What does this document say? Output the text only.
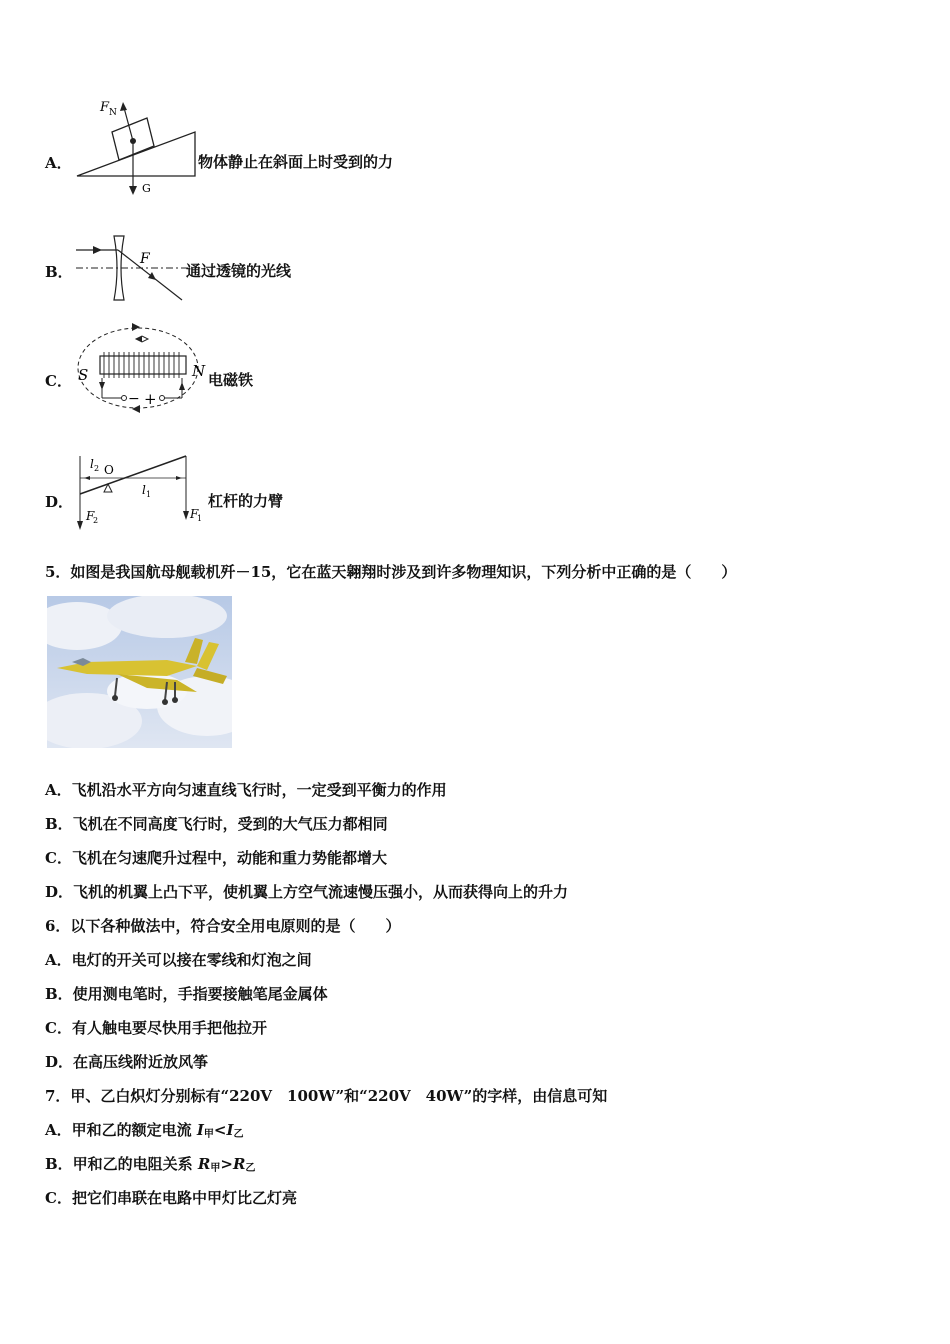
A．
F N
G
物体静止在斜面上时受到的力
B．
F
通过透镜的光线
C．
− +
S	N 电磁铁
D．
l 2 O
l 1
F
2	F
1
杠杆的力臂
5．如图是我国航母舰载机歼－15，它在蓝天翱翔时涉及到许多物理知识，下列分析中正确的是（　　）
A．飞机沿水平方向匀速直线飞行时，一定受到平衡力的作用
B．飞机在不同高度飞行时，受到的大气压力都相同
C．飞机在匀速爬升过程中，动能和重力势能都增大
D．飞机的机翼上凸下平，使机翼上方空气流速慢压强小，从而获得向上的升力
6．以下各种做法中，符合安全用电原则的是（　　）
A．电灯的开关可以接在零线和灯泡之间
B．使用测电笔时，手指要接触笔尾金属体
C．有人触电要尽快用手把他拉开
D．在高压线附近放风筝
7．甲、乙白炽灯分别标有“220V　100W”和“220V　40W”的字样，由信息可知
A．甲和乙的额定电流 $I_甲<I_乙$
B．甲和乙的电阻关系 $R_甲>R_乙$
C．把它们串联在电路中甲灯比乙灯亮
